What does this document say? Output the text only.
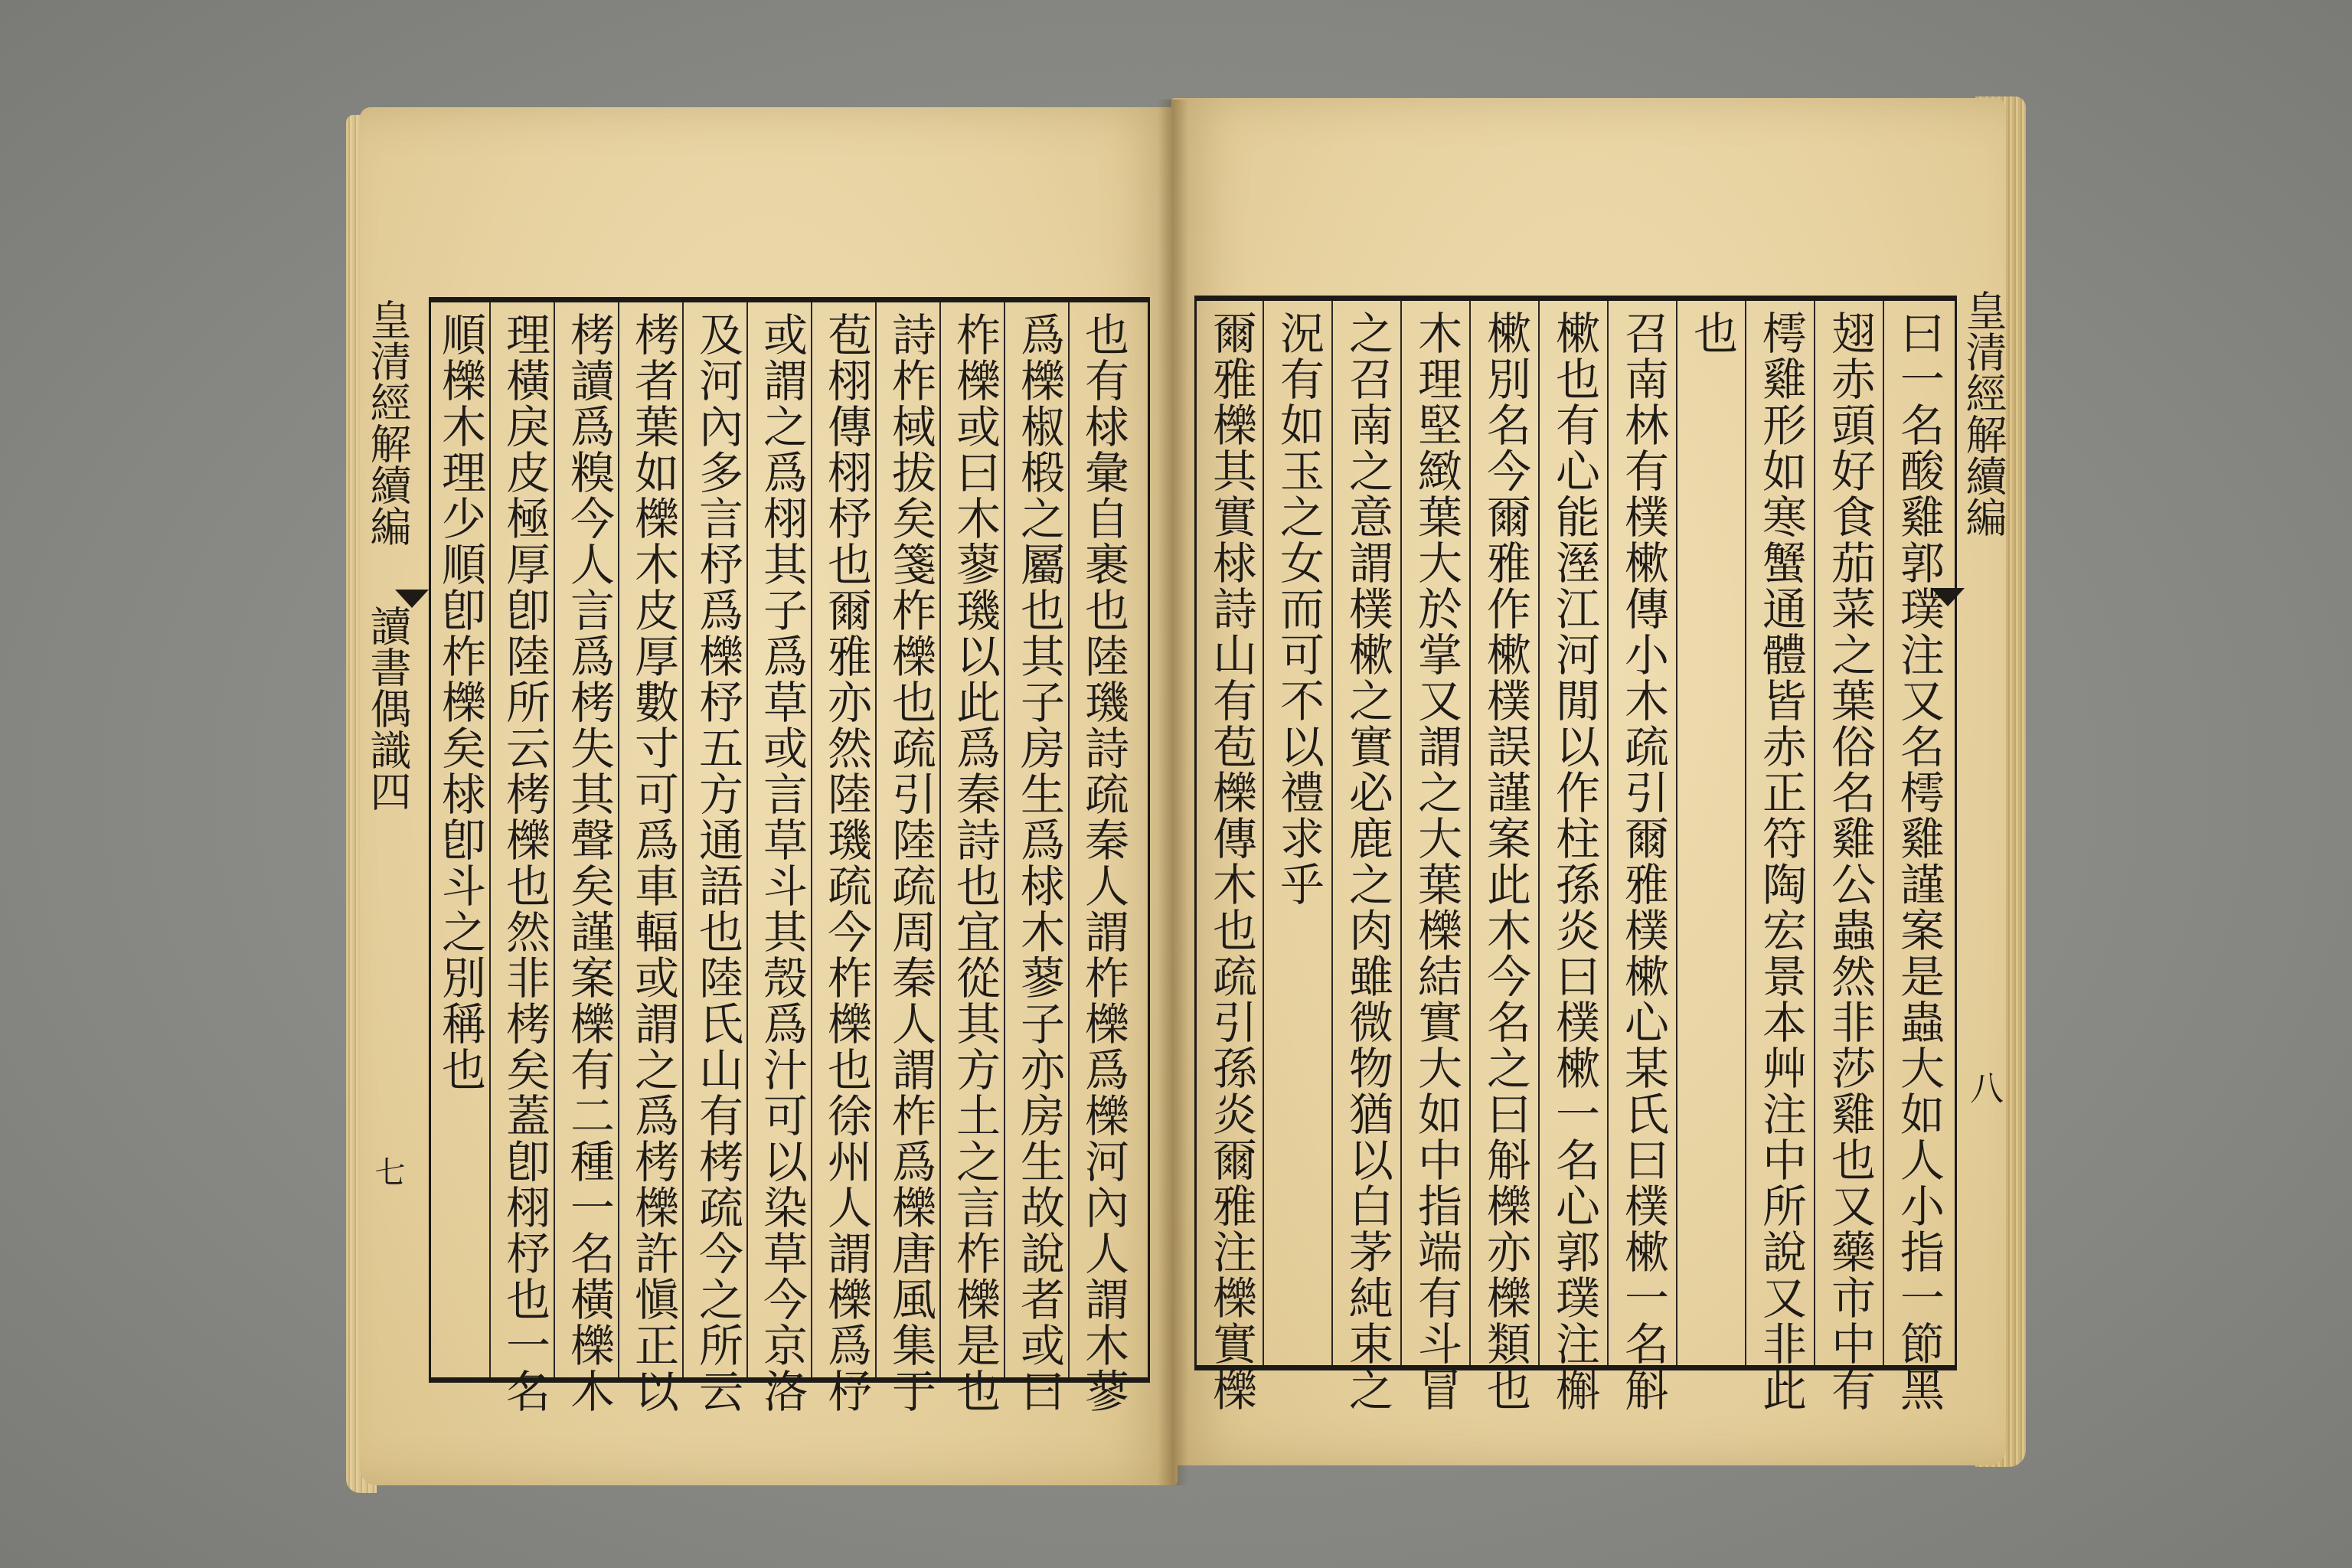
皇清經解續編
讀書偶識四
七
皇清經解續編
八
也有梂彙自裹也陸璣詩疏秦人謂柞櫟爲櫟河內人謂木蓼
爲櫟椒椴之屬也其子房生爲梂木蓼子亦房生故說者或曰
柞櫟或曰木蓼璣以此爲秦詩也宜從其方土之言柞櫟是也
詩柞棫拔矣箋柞櫟也疏引陸疏周秦人謂柞爲櫟唐風集于
苞栩傳栩杼也爾雅亦然陸璣疏今柞櫟也徐州人謂櫟爲杼
或謂之爲栩其子爲草或言草斗其殼爲汁可以染草今京洛
及河內多言杼爲櫟杼五方通語也陸氏山有栲疏今之所云
栲者葉如櫟木皮厚數寸可爲車輻或謂之爲栲櫟許愼正以
栲讀爲糗今人言爲栲失其聲矣謹案櫟有二種一名橫櫟木
理橫戾皮極厚卽陸所云栲櫟也然非栲矣蓋卽栩杼也一名
順櫟木理少順卽柞櫟矣梂卽斗之別稱也	曰一名酸雞郭璞注又名樗雞謹案是蟲大如人小指一節黑
翅赤頭好食茄菜之葉俗名雞公蟲然非莎雞也又藥市中有
樗雞形如寒蟹通體皆赤正符陶宏景本艸注中所說又非此
也
召南林有樸樕傳小木疏引爾雅樸樕心某氏曰樸樕一名斛
樕也有心能溼江河閒以作柱孫炎曰樸樕一名心郭璞注槲
樕別名今爾雅作樕樸誤謹案此木今名之曰斛櫟亦櫟類也
木理堅緻葉大於掌又謂之大葉櫟結實大如中指端有斗冒
之召南之意謂樸樕之實必鹿之肉雖微物猶以白茅純束之
況有如玉之女而可不以禮求乎
爾雅櫟其實梂詩山有苞櫟傳木也疏引孫炎爾雅注櫟實櫟
